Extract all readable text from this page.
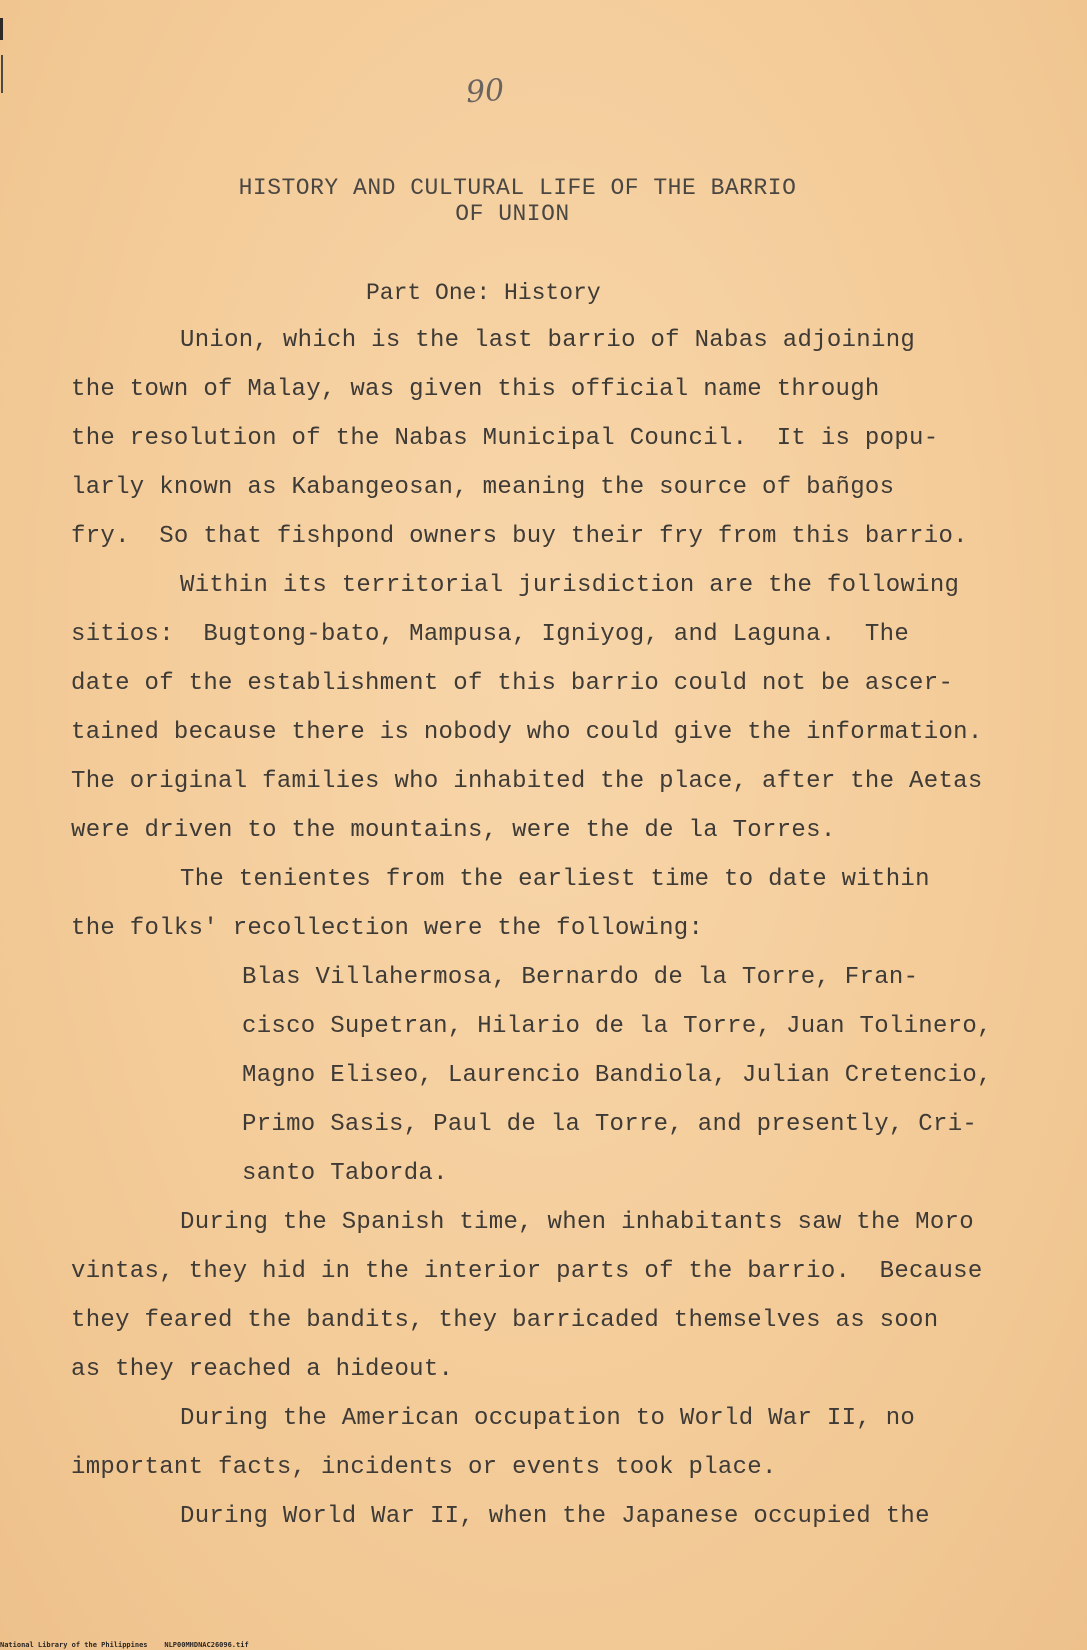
90
HISTORY AND CULTURAL LIFE OF THE BARRIO
OF UNION
Part One: History
Union, which is the last barrio of Nabas adjoining
the town of Malay, was given this official name through
the resolution of the Nabas Municipal Council.  It is popu-
larly known as Kabangeosan, meaning the source of bañgos
fry.  So that fishpond owners buy their fry from this barrio.
Within its territorial jurisdiction are the following
sitios:  Bugtong-bato, Mampusa, Igniyog, and Laguna.  The
date of the establishment of this barrio could not be ascer-
tained because there is nobody who could give the information.
The original families who inhabited the place, after the Aetas
were driven to the mountains, were the de la Torres.
The tenientes from the earliest time to date within
the folks' recollection were the following:
Blas Villahermosa, Bernardo de la Torre, Fran-
cisco Supetran, Hilario de la Torre, Juan Tolinero,
Magno Eliseo, Laurencio Bandiola, Julian Cretencio,
Primo Sasis, Paul de la Torre, and presently, Cri-
santo Taborda.
During the Spanish time, when inhabitants saw the Moro
vintas, they hid in the interior parts of the barrio.  Because
they feared the bandits, they barricaded themselves as soon
as they reached a hideout.
During the American occupation to World War II, no
important facts, incidents or events took place.
During World War II, when the Japanese occupied the
National Library of the Philippines NLP00MHDNAC26096.tif
